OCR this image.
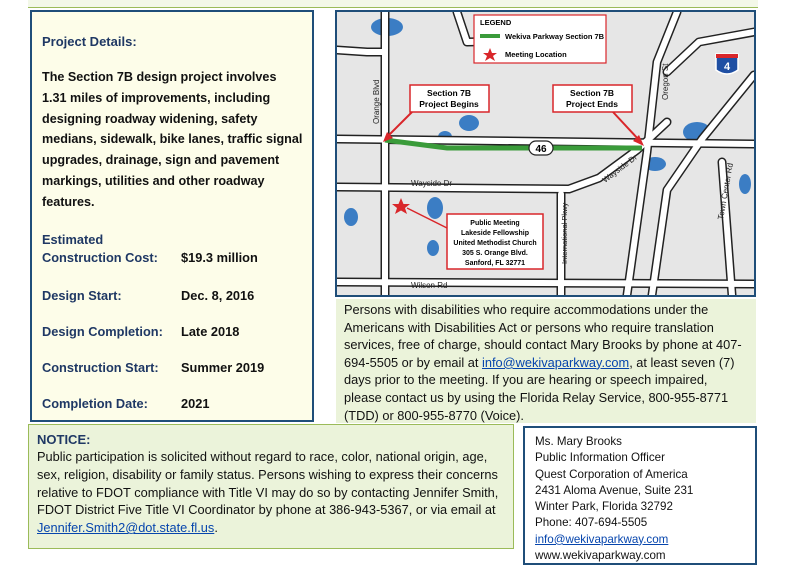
Project Details:

The Section 7B design project involves 1.31 miles of improvements, including designing roadway widening, safety medians, sidewalk, bike lanes, traffic signal upgrades, drainage, sign and pavement markings, utilities and other roadway features.

Estimated
Construction Cost:	$19.3 million
Design Start:	Dec. 8, 2016
Design Completion:	Late 2018
Construction Start:	Summer 2019
Completion Date:	2021
46
4
Orange Blvd	Oregon St
Wayside Dr	Wayside Dr
International Pkwy
Town Center Rd
Wilson Rd
LEGEND
Wekiva Parkway Section 7B
Meeting Location
Section 7B
Project Begins
Section 7B
Project Ends
Public Meeting
Lakeside Fellowship
United Methodist Church
305 S. Orange Blvd.
Sanford, FL 32771
Persons with disabilities who require accommodations under the Americans with Disabilities Act or persons who require translation services, free of charge, should contact Mary Brooks by phone at 407-694-5505 or by email at info@wekivaparkway.com, at least seven (7) days prior to the meeting. If you are hearing or speech impaired, please contact us by using the Florida Relay Service, 800-955-8771 (TDD) or 800-955-8770 (Voice).
NOTICE:
Public participation is solicited without regard to race, color, national origin, age, sex, religion, disability or family status. Persons wishing to express their concerns relative to FDOT compliance with Title VI may do so by contacting Jennifer Smith, FDOT District Five Title VI Coordinator by phone at 386-943-5367, or via email at Jennifer.Smith2@dot.state.fl.us.
Ms. Mary Brooks
Public Information Officer
Quest Corporation of America
2431 Aloma Avenue, Suite 231
Winter Park, Florida 32792
Phone: 407-694-5505
info@wekivaparkway.com
www.wekivaparkway.com
